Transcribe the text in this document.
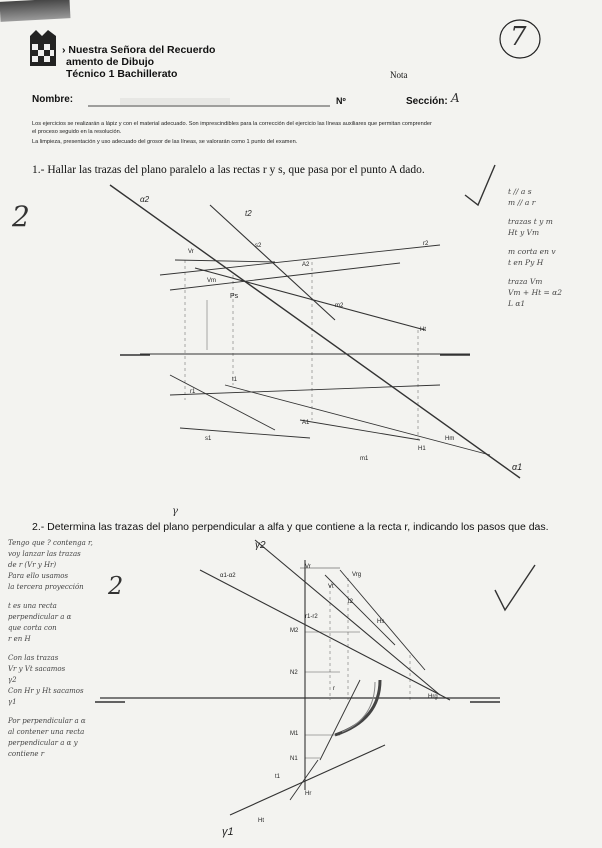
› Nuestra Señora del Recuerdo
amento de Dibujo
Técnico 1 Bachillerato	Nota
7
Nombre:	Nº	Sección: A
Los ejercicios se realizarán a lápiz y con el material adecuado. Son imprescindibles para la corrección del ejercicio las líneas auxiliares que permitan comprender
el proceso seguido en la resolución.
La limpieza, presentación y uso adecuado del grosor de las líneas, se valorarán como 1 punto del examen.
1.- Hallar las trazas del plano paralelo a las rectas r y s, que pasa por el punto A dado.
2
α2
α1
s2
t2
r2
A2
m2
Vm
Vr
Ps
Ht
r1
t1
A1
s1
m1
H1
Hm
t // a s
m // a r
trazas t y m
Ht y Vm
m corta en v
t en Py H
traza Vm
Vm + Ht = α2
L α1
2.- Determina las trazas del plano perpendicular a alfa y que contiene a la recta r, indicando los pasos que das.
2
γ
γ2
γ1
α1-α2
Vr
Vt
Vrg
t2
r1-r2
M2
N2
M1
N1
Hr
t1
Ht
Hs
Hrg
r
Tengo que ? contenga r,
voy lanzar las trazas
de r (Vr y Hr)
Para ello usamos
la tercera proyección
t es una recta
perpendicular a α
que corta con
r en H
Con las trazas
Vr y Vt sacamos
γ2
Con Hr y Ht sacamos
γ1
Por perpendicular a α
al contener una recta
perpendicular a α y
contiene r
